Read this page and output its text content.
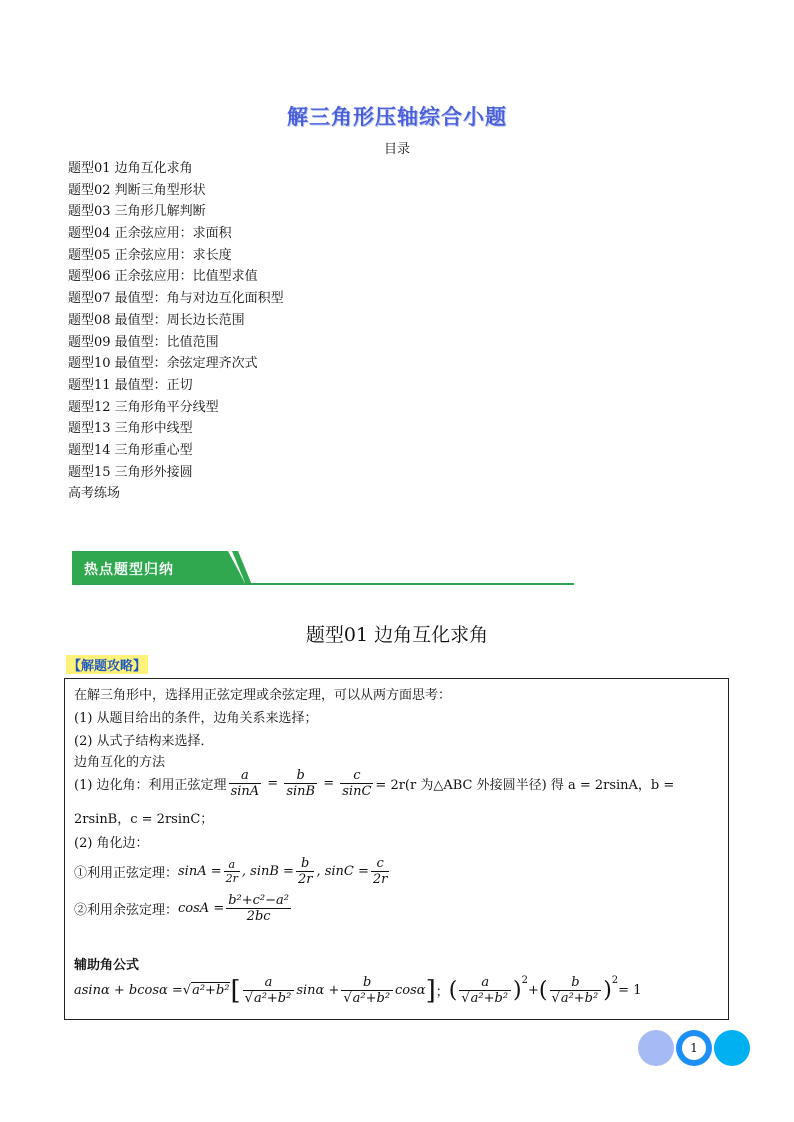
解三角形压轴综合小题
目录
题型01 边角互化求角
题型02 判断三角型形状
题型03 三角形几解判断
题型04 正余弦应用：求面积
题型05 正余弦应用：求长度
题型06 正余弦应用：比值型求值
题型07 最值型：角与对边互化面积型
题型08 最值型：周长边长范围
题型09 最值型：比值范围
题型10 最值型：余弦定理齐次式
题型11 最值型：正切
题型12 三角形角平分线型
题型13 三角形中线型
题型14 三角形重心型
题型15 三角形外接圆
高考练场
热点题型归纳
题型01 边角互化求角
【解题攻略】
在解三角形中，选择用正弦定理或余弦定理，可以从两方面思考：
(1) 从题目给出的条件，边角关系来选择；
(2) 从式子结构来选择．
边角互化的方法
(1) 边化角：利用正弦定理 $\frac{a}{\sin A} = \frac{b}{\sin B} = \frac{c}{\sin C} = 2r(r$ 为△ABC 外接圆半径) 得 a = 2rsinA，b =
2rsinB，c = 2rsinC；
(2) 角化边：
①利用正弦定理： $\sin A = \frac{a}{2r}$ , $\sin B = \frac{b}{2r}$ , $\sin C = \frac{c}{2r}$
②利用余弦定理： $\cos A = \frac{\text{b²+c²−a²}}{2bc}$
辅助角公式
asinα + bcosα = √a²+b² [ $\frac{a}{\text{√a²+b²}}$ $\sin\alpha + \frac{b}{\text{√a²+b²}}$ cosα ] ； ( $\frac{a}{\text{√a²+b²}}$ ) 2
+ ( $\frac{b}{\text{√a²+b²}}$ ) 2
= 1
1
